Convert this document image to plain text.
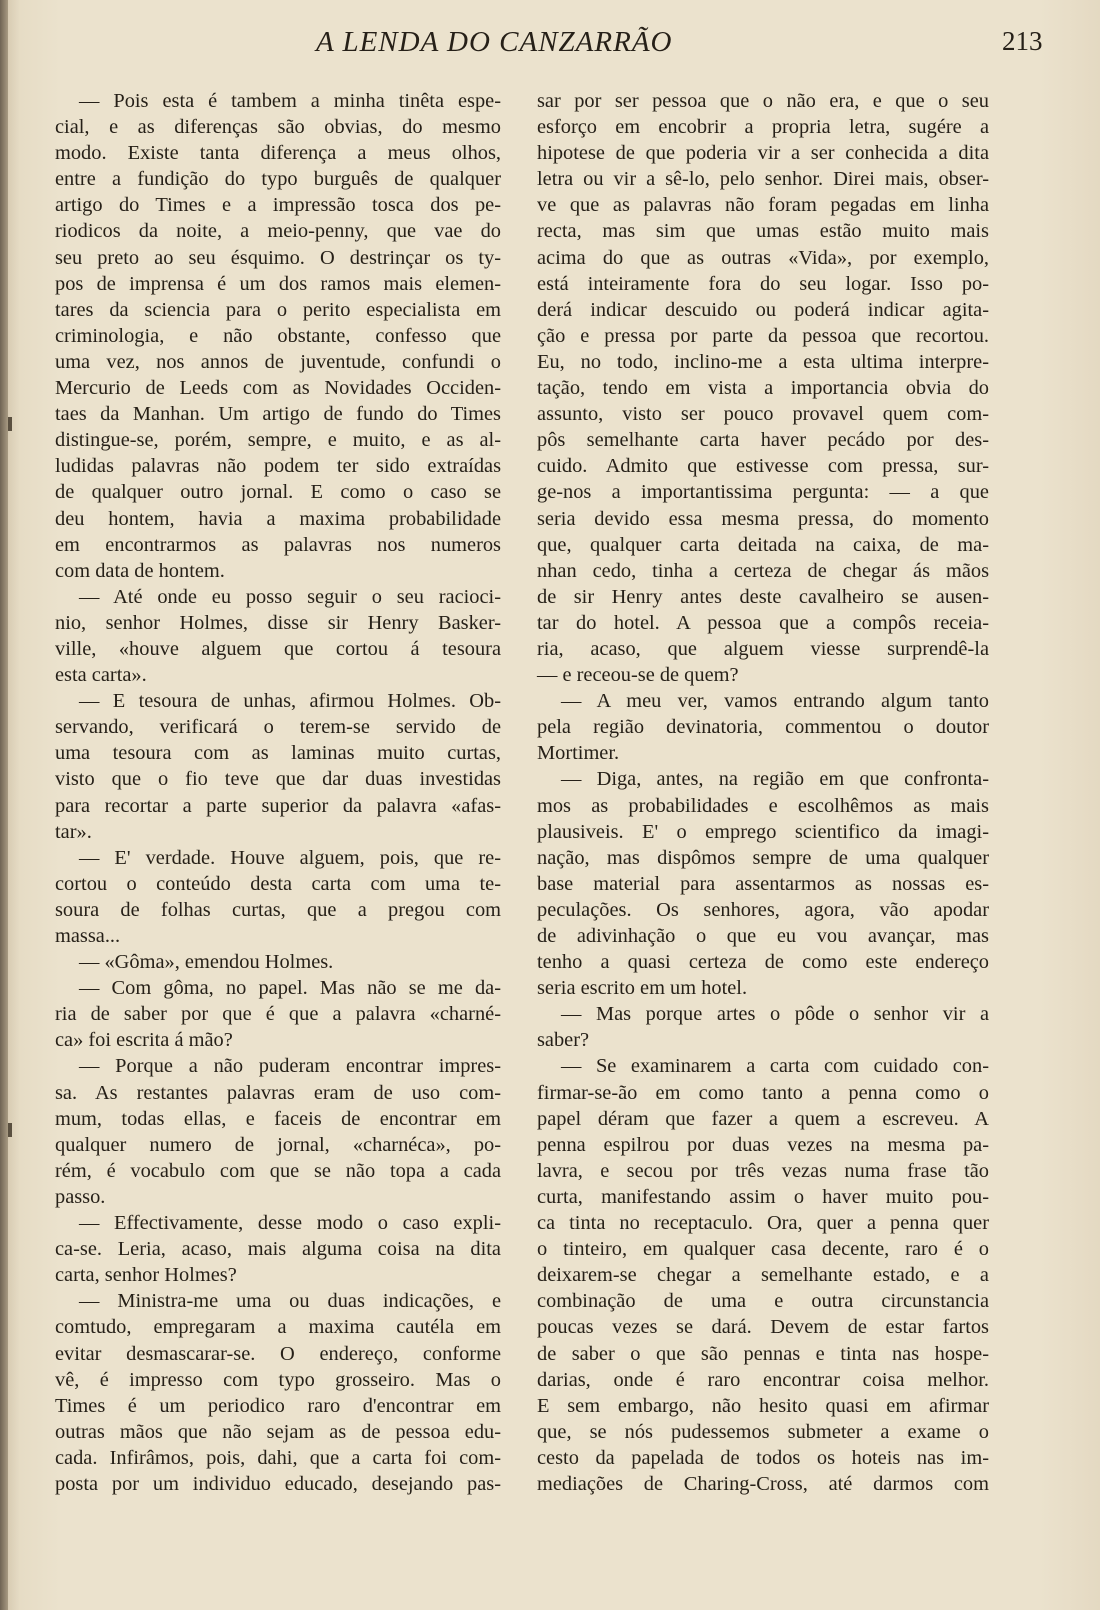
A LENDA DO CANZARRÃO	213
— Pois esta é tambem a minha tinêta espe-
cial, e as diferenças são obvias, do mesmo
modo. Existe tanta diferença a meus olhos,
entre a fundição do typo burguês de qualquer
artigo do Times e a impressão tosca dos pe-
riodicos da noite, a meio-penny, que vae do
seu preto ao seu ésquimo. O destrinçar os ty-
pos de imprensa é um dos ramos mais elemen-
tares da sciencia para o perito especialista em
criminologia, e não obstante, confesso que
uma vez, nos annos de juventude, confundi o
Mercurio de Leeds com as Novidades Occiden-
taes da Manhan. Um artigo de fundo do Times
distingue-se, porém, sempre, e muito, e as al-
ludidas palavras não podem ter sido extraídas
de qualquer outro jornal. E como o caso se
deu hontem, havia a maxima probabilidade
em encontrarmos as palavras nos numeros
com data de hontem.
— Até onde eu posso seguir o seu racioci-
nio, senhor Holmes, disse sir Henry Basker-
ville, «houve alguem que cortou á tesoura
esta carta».
— E tesoura de unhas, afirmou Holmes. Ob-
servando, verificará o terem-se servido de
uma tesoura com as laminas muito curtas,
visto que o fio teve que dar duas investidas
para recortar a parte superior da palavra «afas-
tar».
— E' verdade. Houve alguem, pois, que re-
cortou o conteúdo desta carta com uma te-
soura de folhas curtas, que a pregou com
massa...
— «Gôma», emendou Holmes.
— Com gôma, no papel. Mas não se me da-
ria de saber por que é que a palavra «charné-
ca» foi escrita á mão?
— Porque a não puderam encontrar impres-
sa. As restantes palavras eram de uso com-
mum, todas ellas, e faceis de encontrar em
qualquer numero de jornal, «charnéca», po-
rém, é vocabulo com que se não topa a cada
passo.
— Effectivamente, desse modo o caso expli-
ca-se. Leria, acaso, mais alguma coisa na dita
carta, senhor Holmes?
— Ministra-me uma ou duas indicações, e
comtudo, empregaram a maxima cautéla em
evitar desmascarar-se. O endereço, conforme
vê, é impresso com typo grosseiro. Mas o
Times é um periodico raro d'encontrar em
outras mãos que não sejam as de pessoa edu-
cada. Infirâmos, pois, dahi, que a carta foi com-
posta por um individuo educado, desejando pas-
sar por ser pessoa que o não era, e que o seu
esforço em encobrir a propria letra, sugére a
hipotese de que poderia vir a ser conhecida a dita
letra ou vir a sê-lo, pelo senhor. Direi mais, obser-
ve que as palavras não foram pegadas em linha
recta, mas sim que umas estão muito mais
acima do que as outras «Vida», por exemplo,
está inteiramente fora do seu logar. Isso po-
derá indicar descuido ou poderá indicar agita-
ção e pressa por parte da pessoa que recortou.
Eu, no todo, inclino-me a esta ultima interpre-
tação, tendo em vista a importancia obvia do
assunto, visto ser pouco provavel quem com-
pôs semelhante carta haver pecádo por des-
cuido. Admito que estivesse com pressa, sur-
ge-nos a importantissima pergunta: — a que
seria devido essa mesma pressa, do momento
que, qualquer carta deitada na caixa, de ma-
nhan cedo, tinha a certeza de chegar ás mãos
de sir Henry antes deste cavalheiro se ausen-
tar do hotel. A pessoa que a compôs receia-
ria, acaso, que alguem viesse surprendê-la
— e receou-se de quem?
— A meu ver, vamos entrando algum tanto
pela região devinatoria, commentou o doutor
Mortimer.
— Diga, antes, na região em que confronta-
mos as probabilidades e escolhêmos as mais
plausiveis. E' o emprego scientifico da imagi-
nação, mas dispômos sempre de uma qualquer
base material para assentarmos as nossas es-
peculações. Os senhores, agora, vão apodar
de adivinhação o que eu vou avançar, mas
tenho a quasi certeza de como este endereço
seria escrito em um hotel.
— Mas porque artes o pôde o senhor vir a
saber?
— Se examinarem a carta com cuidado con-
firmar-se-ão em como tanto a penna como o
papel déram que fazer a quem a escreveu. A
penna espilrou por duas vezes na mesma pa-
lavra, e secou por três vezas numa frase tão
curta, manifestando assim o haver muito pou-
ca tinta no receptaculo. Ora, quer a penna quer
o tinteiro, em qualquer casa decente, raro é o
deixarem-se chegar a semelhante estado, e a
combinação de uma e outra circunstancia
poucas vezes se dará. Devem de estar fartos
de saber o que são pennas e tinta nas hospe-
darias, onde é raro encontrar coisa melhor.
E sem embargo, não hesito quasi em afirmar
que, se nós pudessemos submeter a exame o
cesto da papelada de todos os hoteis nas im-
mediações de Charing-Cross, até darmos com
